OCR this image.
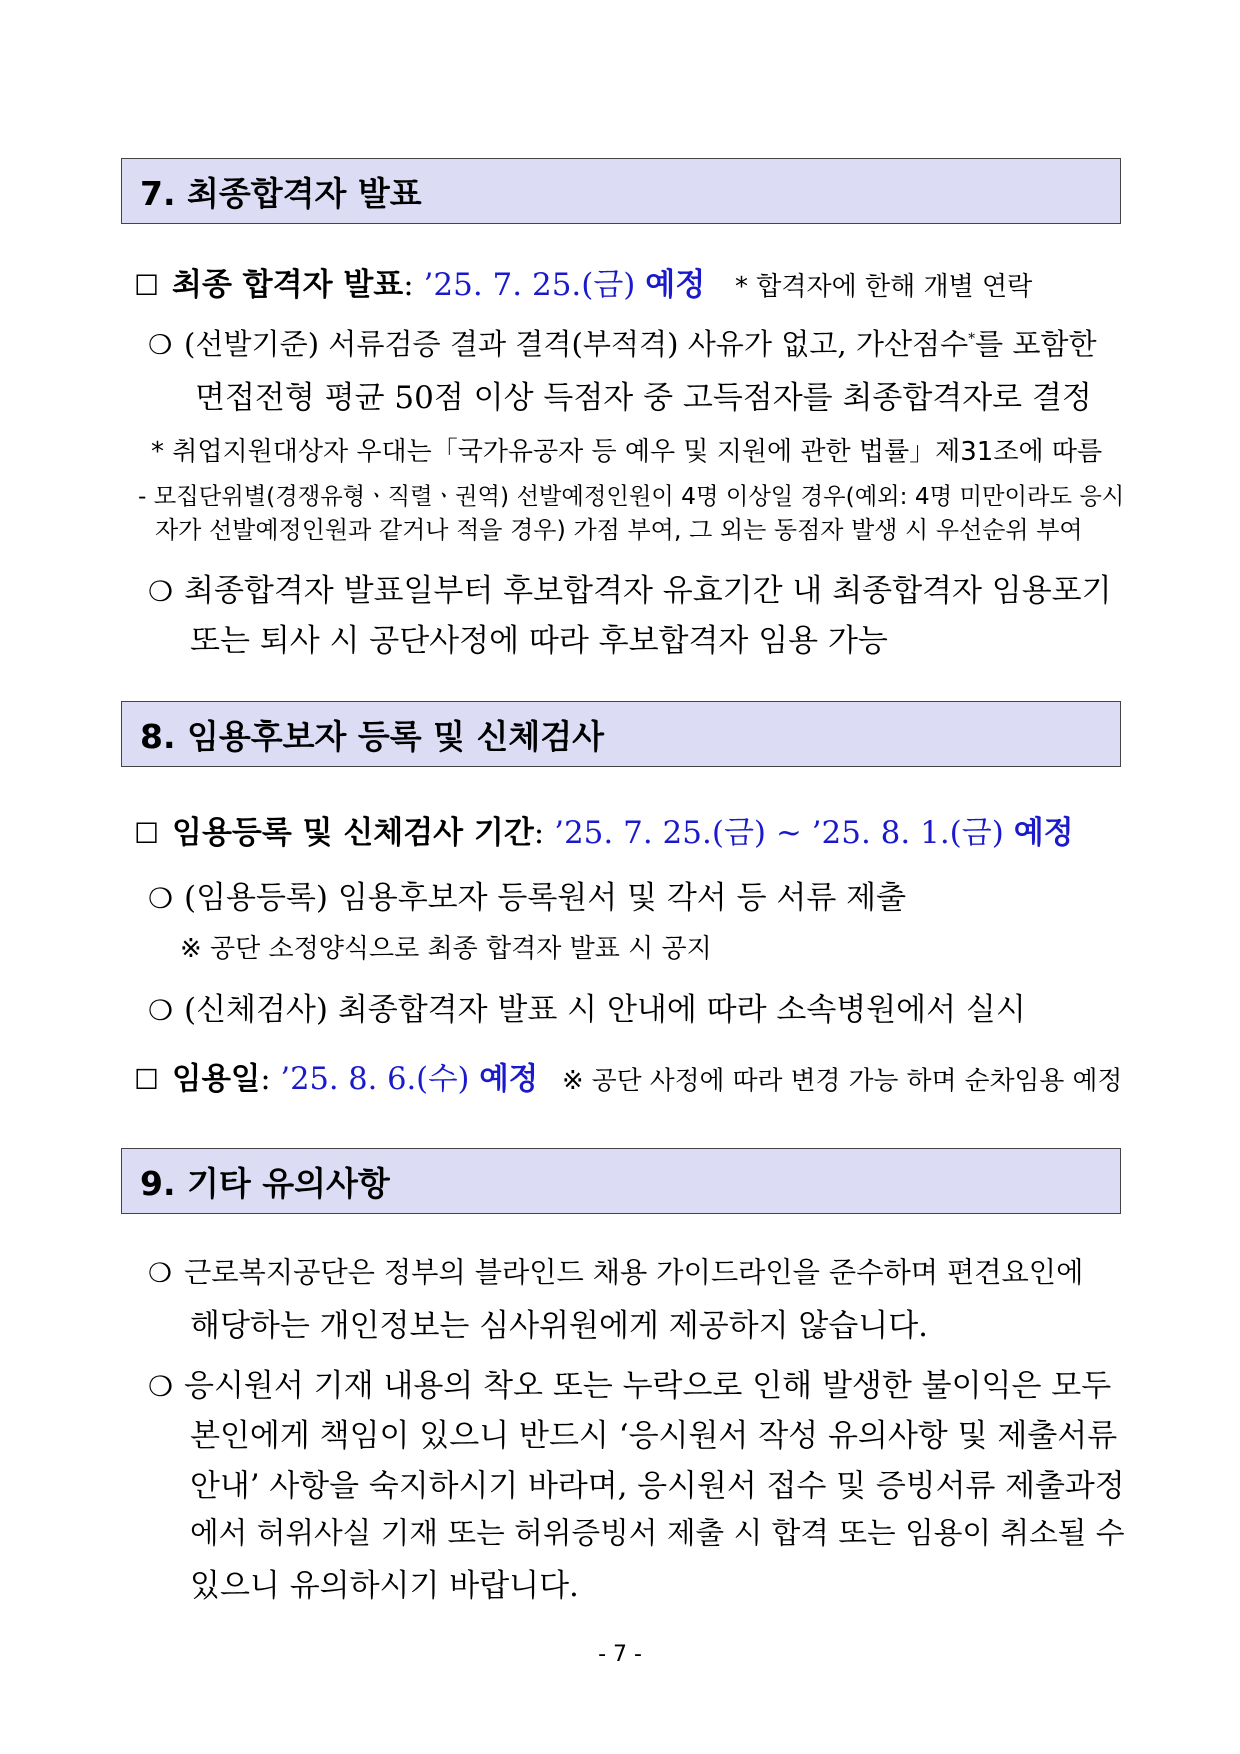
7. 최종합격자 발표
☐ 최종 합격자 발표: ’25. 7. 25.(금) 예정 * 합격자에 한해 개별 연락
❍ (선발기준) 서류검증 결과 결격(부적격) 사유가 없고, 가산점수*를 포함한
면접전형 평균 50점 이상 득점자 중 고득점자를 최종합격자로 결정
* 취업지원대상자 우대는「국가유공자 등 예우 및 지원에 관한 법률」제31조에 따름
- 모집단위별(경쟁유형ㆍ직렬ㆍ권역) 선발예정인원이 4명 이상일 경우(예외: 4명 미만이라도 응시
자가 선발예정인원과 같거나 적을 경우) 가점 부여, 그 외는 동점자 발생 시 우선순위 부여
❍ 최종합격자 발표일부터 후보합격자 유효기간 내 최종합격자 임용포기
또는 퇴사 시 공단사정에 따라 후보합격자 임용 가능
8. 임용후보자 등록 및 신체검사
☐ 임용등록 및 신체검사 기간: ’25. 7. 25.(금) ~ ’25. 8. 1.(금) 예정
❍ (임용등록) 임용후보자 등록원서 및 각서 등 서류 제출
※ 공단 소정양식으로 최종 합격자 발표 시 공지
❍ (신체검사) 최종합격자 발표 시 안내에 따라 소속병원에서 실시
☐ 임용일: ’25. 8. 6.(수) 예정 ※ 공단 사정에 따라 변경 가능 하며 순차임용 예정
9. 기타 유의사항
❍ 근로복지공단은 정부의 블라인드 채용 가이드라인을 준수하며 편견요인에
해당하는 개인정보는 심사위원에게 제공하지 않습니다.
❍ 응시원서 기재 내용의 착오 또는 누락으로 인해 발생한 불이익은 모두
본인에게 책임이 있으니 반드시 ‘응시원서 작성 유의사항 및 제출서류
안내’ 사항을 숙지하시기 바라며, 응시원서 접수 및 증빙서류 제출과정
에서 허위사실 기재 또는 허위증빙서 제출 시 합격 또는 임용이 취소될 수
있으니 유의하시기 바랍니다.
- 7 -
